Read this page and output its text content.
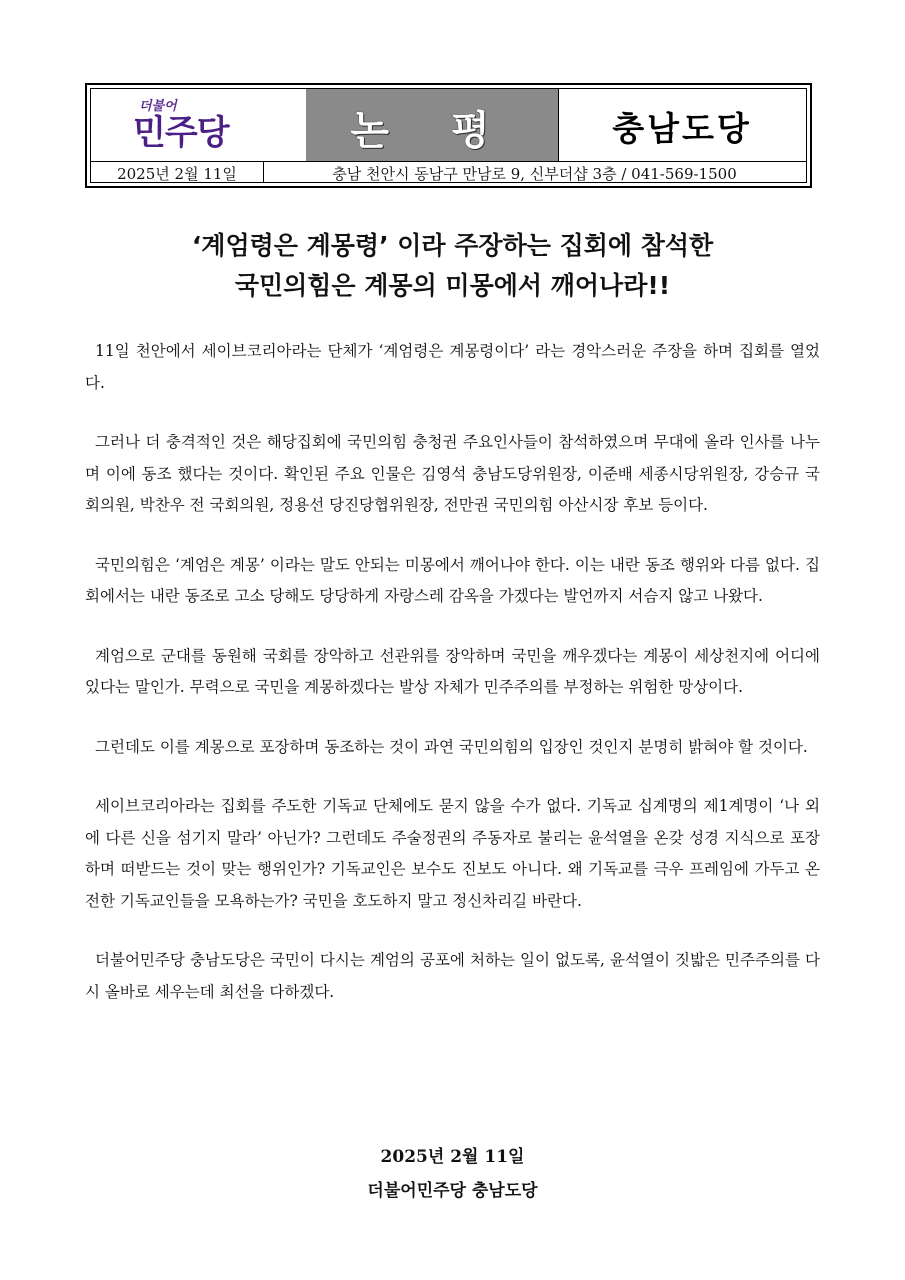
더불어
민주당	논 평	충남도당
2025년 2월 11일	충남 천안시 동남구 만남로 9, 신부더샵 3층 / 041-569-1500
‘계엄령은 계몽령’ 이라 주장하는 집회에 참석한
국민의힘은 계몽의 미몽에서 깨어나라!!

11일 천안에서 세이브코리아라는 단체가 ‘계엄령은 계몽령이다’ 라는 경악스러운 주장을 하며 집회를 열었다.

그러나 더 충격적인 것은 해당집회에 국민의힘 충청권 주요인사들이 참석하였으며 무대에 올라 인사를 나누며 이에 동조 했다는 것이다. 확인된 주요 인물은 김영석 충남도당위원장, 이준배 세종시당위원장, 강승규 국회의원, 박찬우 전 국회의원, 정용선 당진당협위원장, 전만권 국민의힘 아산시장 후보 등이다.

국민의힘은 ‘계엄은 계몽’ 이라는 말도 안되는 미몽에서 깨어나야 한다. 이는 내란 동조 행위와 다름 없다. 집회에서는 내란 동조로 고소 당해도 당당하게 자랑스레 감옥을 가겠다는 발언까지 서슴지 않고 나왔다.

계엄으로 군대를 동원해 국회를 장악하고 선관위를 장악하며 국민을 깨우겠다는 계몽이 세상천지에 어디에 있다는 말인가. 무력으로 국민을 계몽하겠다는 발상 자체가 민주주의를 부정하는 위험한 망상이다.

그런데도 이를 계몽으로 포장하며 동조하는 것이 과연 국민의힘의 입장인 것인지 분명히 밝혀야 할 것이다.

세이브코리아라는 집회를 주도한 기독교 단체에도 묻지 않을 수가 없다. 기독교 십계명의 제1계명이 ‘나 외에 다른 신을 섬기지 말라’ 아닌가? 그런데도 주술정권의 주동자로 불리는 윤석열을 온갖 성경 지식으로 포장하며 떠받드는 것이 맞는 행위인가? 기독교인은 보수도 진보도 아니다. 왜 기독교를 극우 프레임에 가두고 온전한 기독교인들을 모욕하는가? 국민을 호도하지 말고 정신차리길 바란다.

더불어민주당 충남도당은 국민이 다시는 계엄의 공포에 처하는 일이 없도록, 윤석열이 짓밟은 민주주의를 다시 올바로 세우는데 최선을 다하겠다.

2025년 2월 11일
더불어민주당 충남도당
